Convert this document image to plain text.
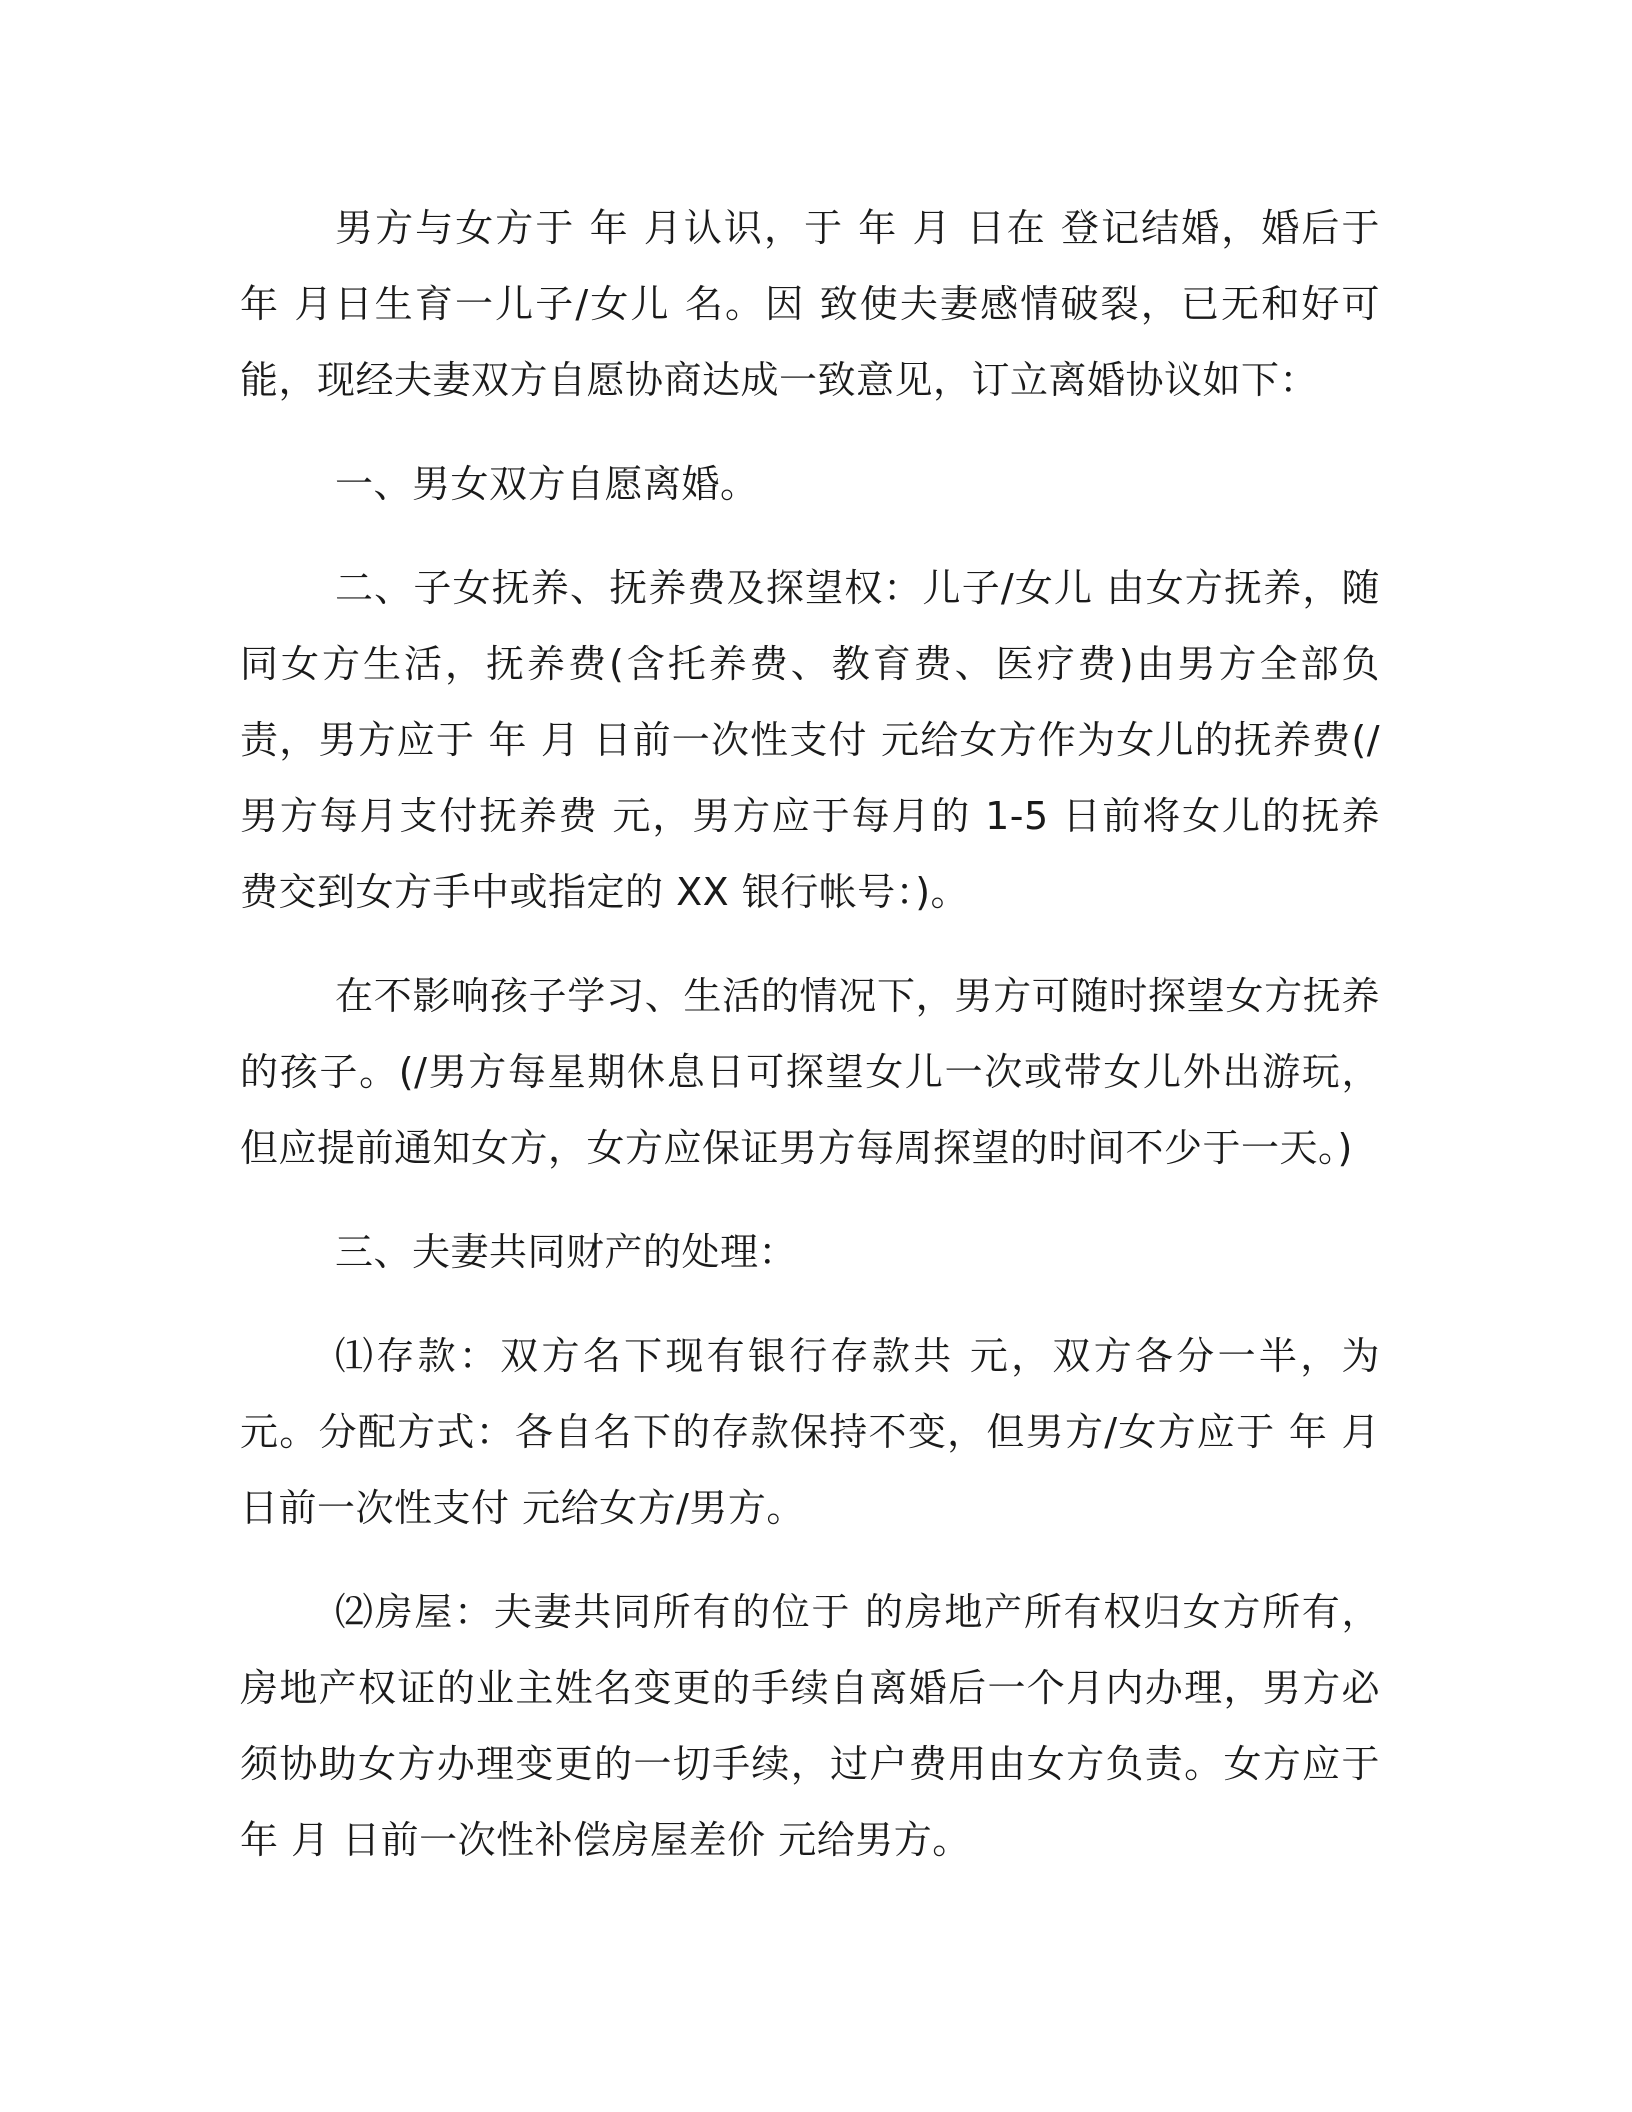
男方与女方于 年 月认识，于 年 月 日在 登记结婚，婚后于 年 月日生育一儿子/女儿 名。因 致使夫妻感情破裂，已无和好可能，现经夫妻双方自愿协商达成一致意见，订立离婚协议如下：

一、男女双方自愿离婚。

二、子女抚养、抚养费及探望权：儿子/女儿 由女方抚养，随同女方生活，抚养费(含托养费、教育费、医疗费)由男方全部负责，男方应于 年 月 日前一次性支付 元给女方作为女儿的抚养费(/男方每月支付抚养费 元，男方应于每月的 1-5 日前将女儿的抚养费交到女方手中或指定的 XX 银行帐号：)。

在不影响孩子学习、生活的情况下，男方可随时探望女方抚养的孩子。(/男方每星期休息日可探望女儿一次或带女儿外出游玩，但应提前通知女方，女方应保证男方每周探望的时间不少于一天。)

三、夫妻共同财产的处理：

⑴存款：双方名下现有银行存款共 元，双方各分一半，为 元。分配方式：各自名下的存款保持不变，但男方/女方应于 年 月 日前一次性支付 元给女方/男方。

⑵房屋：夫妻共同所有的位于 的房地产所有权归女方所有， 房地产权证的业主姓名变更的手续自离婚后一个月内办理，男方必须协助女方办理变更的一切手续，过户费用由女方负责。女方应于 年 月 日前一次性补偿房屋差价 元给男方。
